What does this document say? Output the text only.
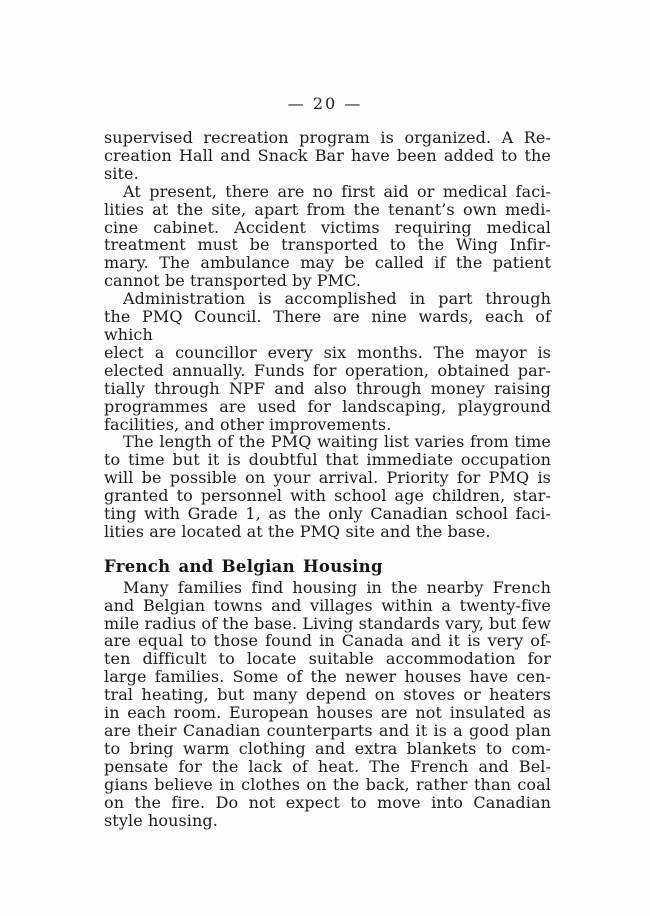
— 20 —
supervised recreation program is organized. A Re-
creation Hall and Snack Bar have been added to the
site.
At present, there are no first aid or medical faci-
lities at the site, apart from the tenant’s own medi-
cine cabinet. Accident victims requiring medical
treatment must be transported to the Wing Infir-
mary. The ambulance may be called if the patient
cannot be transported by PMC.
Administration is accomplished in part through
the PMQ Council. There are nine wards, each of which
elect a councillor every six months. The mayor is
elected annually. Funds for operation, obtained par-
tially through NPF and also through money raising
programmes are used for landscaping, playground
facilities, and other improvements.
The length of the PMQ waiting list varies from time
to time but it is doubtful that immediate occupation
will be possible on your arrival. Priority for PMQ is
granted to personnel with school age children, star-
ting with Grade 1, as the only Canadian school faci-
lities are located at the PMQ site and the base.
French and Belgian Housing
Many families find housing in the nearby French
and Belgian towns and villages within a twenty-five
mile radius of the base. Living standards vary, but few
are equal to those found in Canada and it is very of-
ten difficult to locate suitable accommodation for
large families. Some of the newer houses have cen-
tral heating, but many depend on stoves or heaters
in each room. European houses are not insulated as
are their Canadian counterparts and it is a good plan
to bring warm clothing and extra blankets to com-
pensate for the lack of heat. The French and Bel-
gians believe in clothes on the back, rather than coal
on the fire. Do not expect to move into Canadian
style housing.
